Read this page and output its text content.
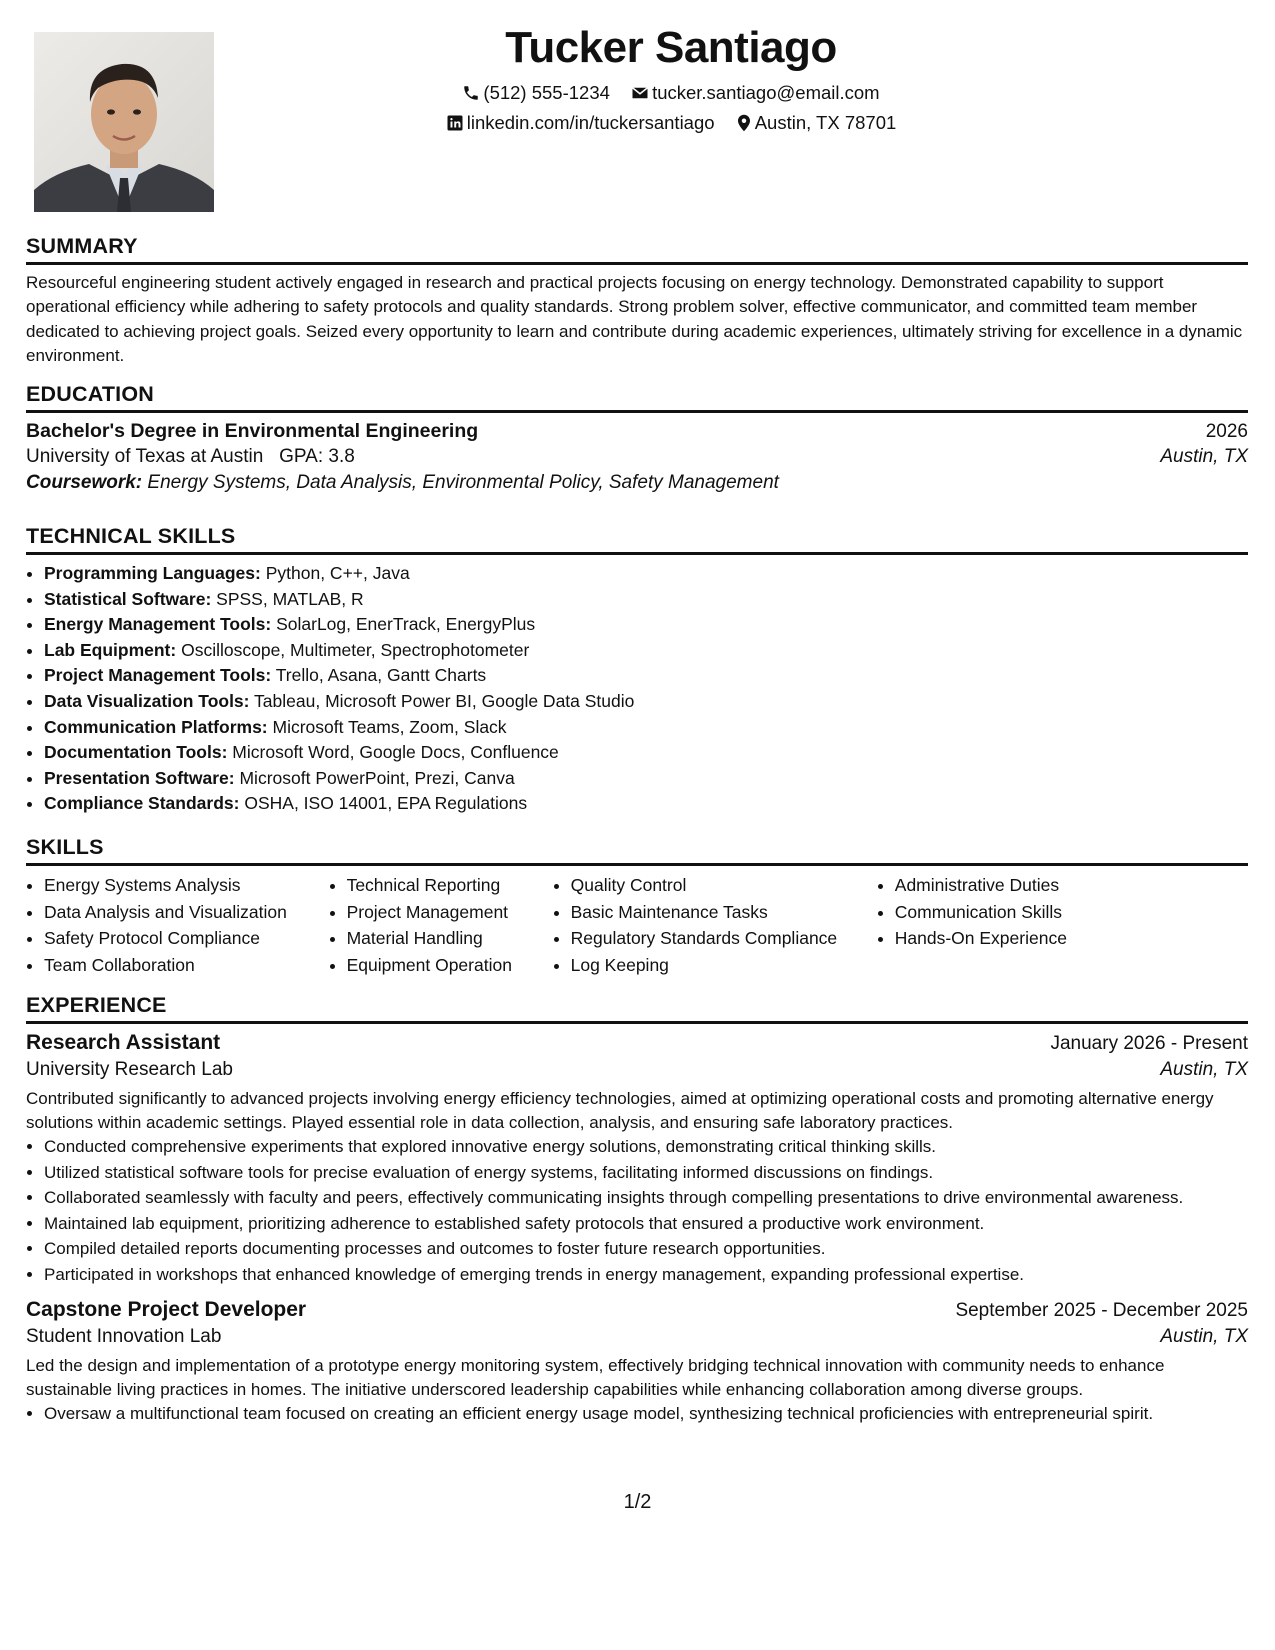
Tucker Santiago
(512) 555-1234 tucker.santiago@email.com
linkedin.com/in/tuckersantiago Austin, TX 78701
SUMMARY
Resourceful engineering student actively engaged in research and practical projects focusing on energy technology. Demonstrated capability to support operational efficiency while adhering to safety protocols and quality standards. Strong problem solver, effective communicator, and committed team member dedicated to achieving project goals. Seized every opportunity to learn and contribute during academic experiences, ultimately striving for excellence in a dynamic environment.
EDUCATION
Bachelor's Degree in Environmental Engineering	2026
University of Texas at Austin GPA: 3.8	Austin, TX
Coursework: Energy Systems, Data Analysis, Environmental Policy, Safety Management
TECHNICAL SKILLS
• Programming Languages: Python, C++, Java
• Statistical Software: SPSS, MATLAB, R
• Energy Management Tools: SolarLog, EnerTrack, EnergyPlus
• Lab Equipment: Oscilloscope, Multimeter, Spectrophotometer
• Project Management Tools: Trello, Asana, Gantt Charts
• Data Visualization Tools: Tableau, Microsoft Power BI, Google Data Studio
• Communication Platforms: Microsoft Teams, Zoom, Slack
• Documentation Tools: Microsoft Word, Google Docs, Confluence
• Presentation Software: Microsoft PowerPoint, Prezi, Canva
• Compliance Standards: OSHA, ISO 14001, EPA Regulations
SKILLS
• Energy Systems Analysis
• Data Analysis and Visualization
• Safety Protocol Compliance
• Team Collaboration
• Technical Reporting
• Project Management
• Material Handling
• Equipment Operation
• Quality Control
• Basic Maintenance Tasks
• Regulatory Standards Compliance
• Log Keeping
• Administrative Duties
• Communication Skills
• Hands-On Experience
EXPERIENCE
Research Assistant	January 2026 - Present
University Research Lab	Austin, TX
Contributed significantly to advanced projects involving energy efficiency technologies, aimed at optimizing operational costs and promoting alternative energy solutions within academic settings. Played essential role in data collection, analysis, and ensuring safe laboratory practices.
• Conducted comprehensive experiments that explored innovative energy solutions, demonstrating critical thinking skills.
• Utilized statistical software tools for precise evaluation of energy systems, facilitating informed discussions on findings.
• Collaborated seamlessly with faculty and peers, effectively communicating insights through compelling presentations to drive environmental awareness.
• Maintained lab equipment, prioritizing adherence to established safety protocols that ensured a productive work environment.
• Compiled detailed reports documenting processes and outcomes to foster future research opportunities.
• Participated in workshops that enhanced knowledge of emerging trends in energy management, expanding professional expertise.
Capstone Project Developer	September 2025 - December 2025
Student Innovation Lab	Austin, TX
Led the design and implementation of a prototype energy monitoring system, effectively bridging technical innovation with community needs to enhance sustainable living practices in homes. The initiative underscored leadership capabilities while enhancing collaboration among diverse groups.
• Oversaw a multifunctional team focused on creating an efficient energy usage model, synthesizing technical proficiencies with entrepreneurial spirit.
1/2
